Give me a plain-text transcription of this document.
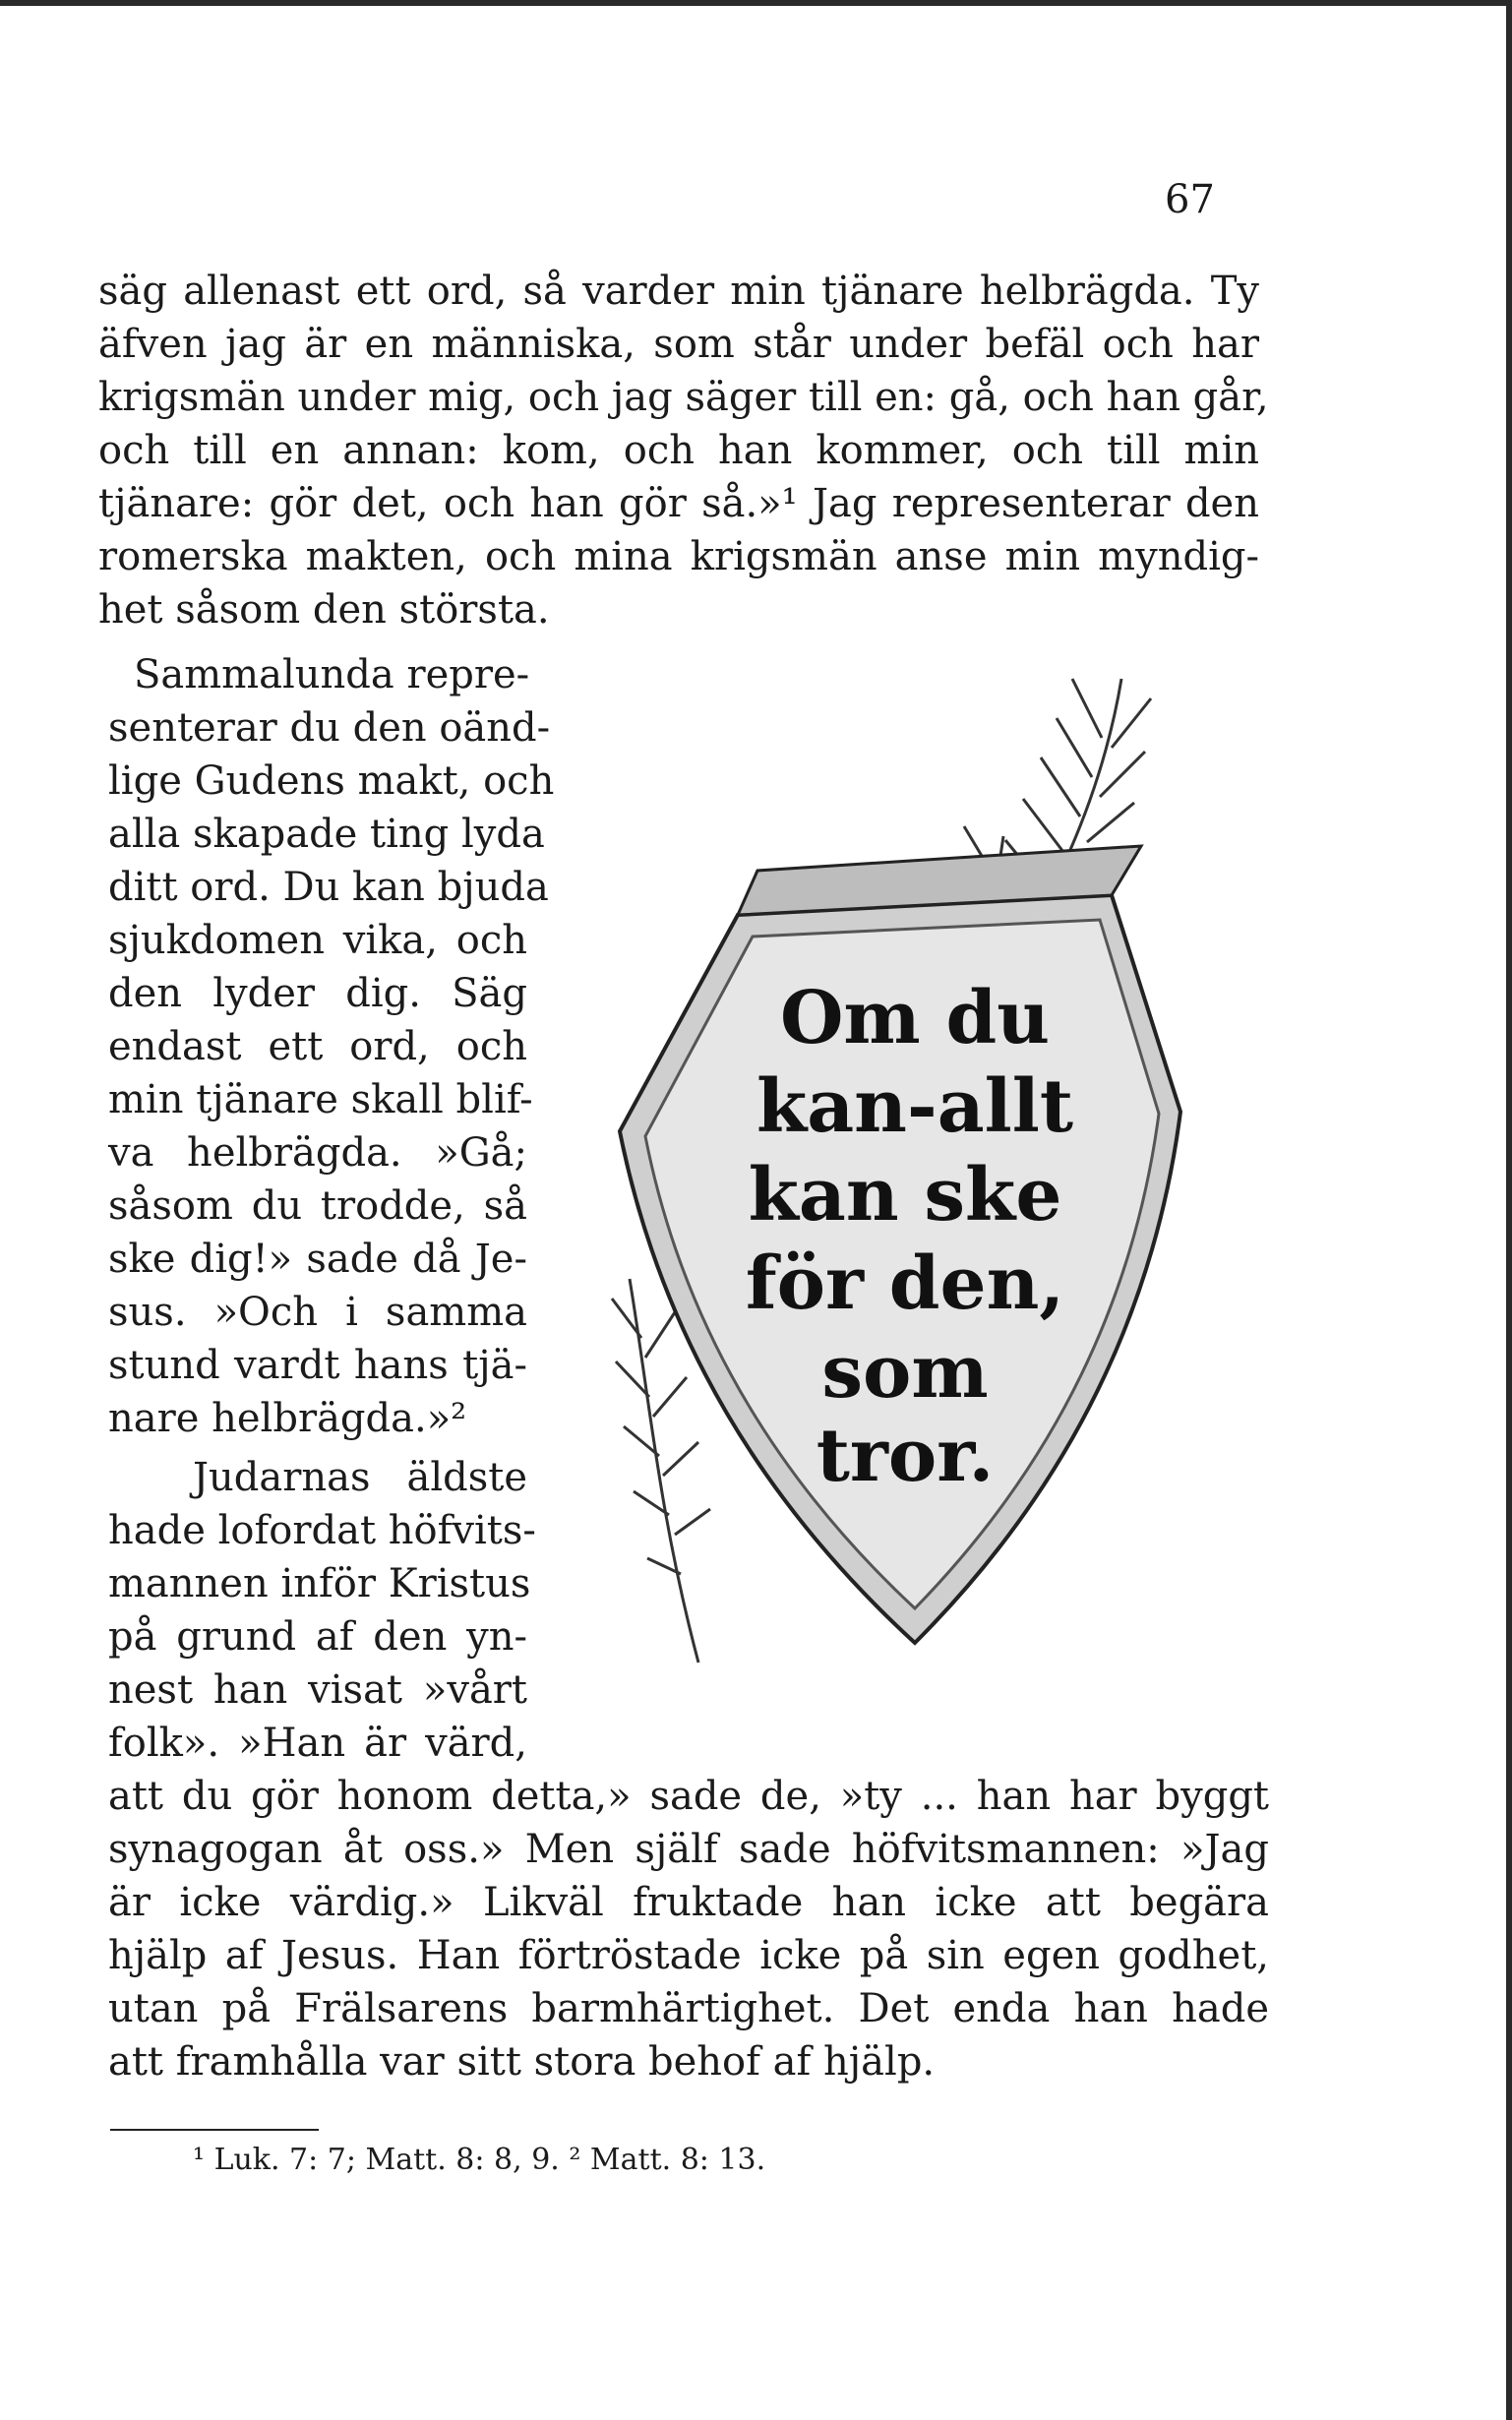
67
säg allenast ett ord, så varder min tjänare helbrägda. Ty
äfven jag är en människa, som står under befäl och har
krigsmän under mig, och jag säger till en: gå, och han går,
och till en annan: kom, och han kommer, och till min
tjänare: gör det, och han gör så.»¹ Jag representerar den
romerska makten, och mina krigsmän anse min myndig-
het såsom den största.
Sammalunda repre-
senterar du den oänd-
lige Gudens makt, och
alla skapade ting lyda
ditt ord. Du kan bjuda
sjukdomen vika, och
den lyder dig. Säg
endast ett ord, och
min tjänare skall blif-
va helbrägda. »Gå;
såsom du trodde, så
ske dig!» sade då Je-
sus. »Och i samma
stund vardt hans tjä-
nare helbrägda.»²
Judarnas äldste
hade lofordat höfvits-
mannen inför Kristus
på grund af den yn-
nest han visat »vårt
folk». »Han är värd,
Om du
kan-allt
kan ske
för den,
som
tror.
att du gör honom detta,» sade de, »ty ... han har byggt
synagogan åt oss.» Men själf sade höfvitsmannen: »Jag
är icke värdig.» Likväl fruktade han icke att begära
hjälp af Jesus. Han förtröstade icke på sin egen godhet,
utan på Frälsarens barmhärtighet. Det enda han hade
att framhålla var sitt stora behof af hjälp.
¹ Luk. 7: 7; Matt. 8: 8, 9. ² Matt. 8: 13.
